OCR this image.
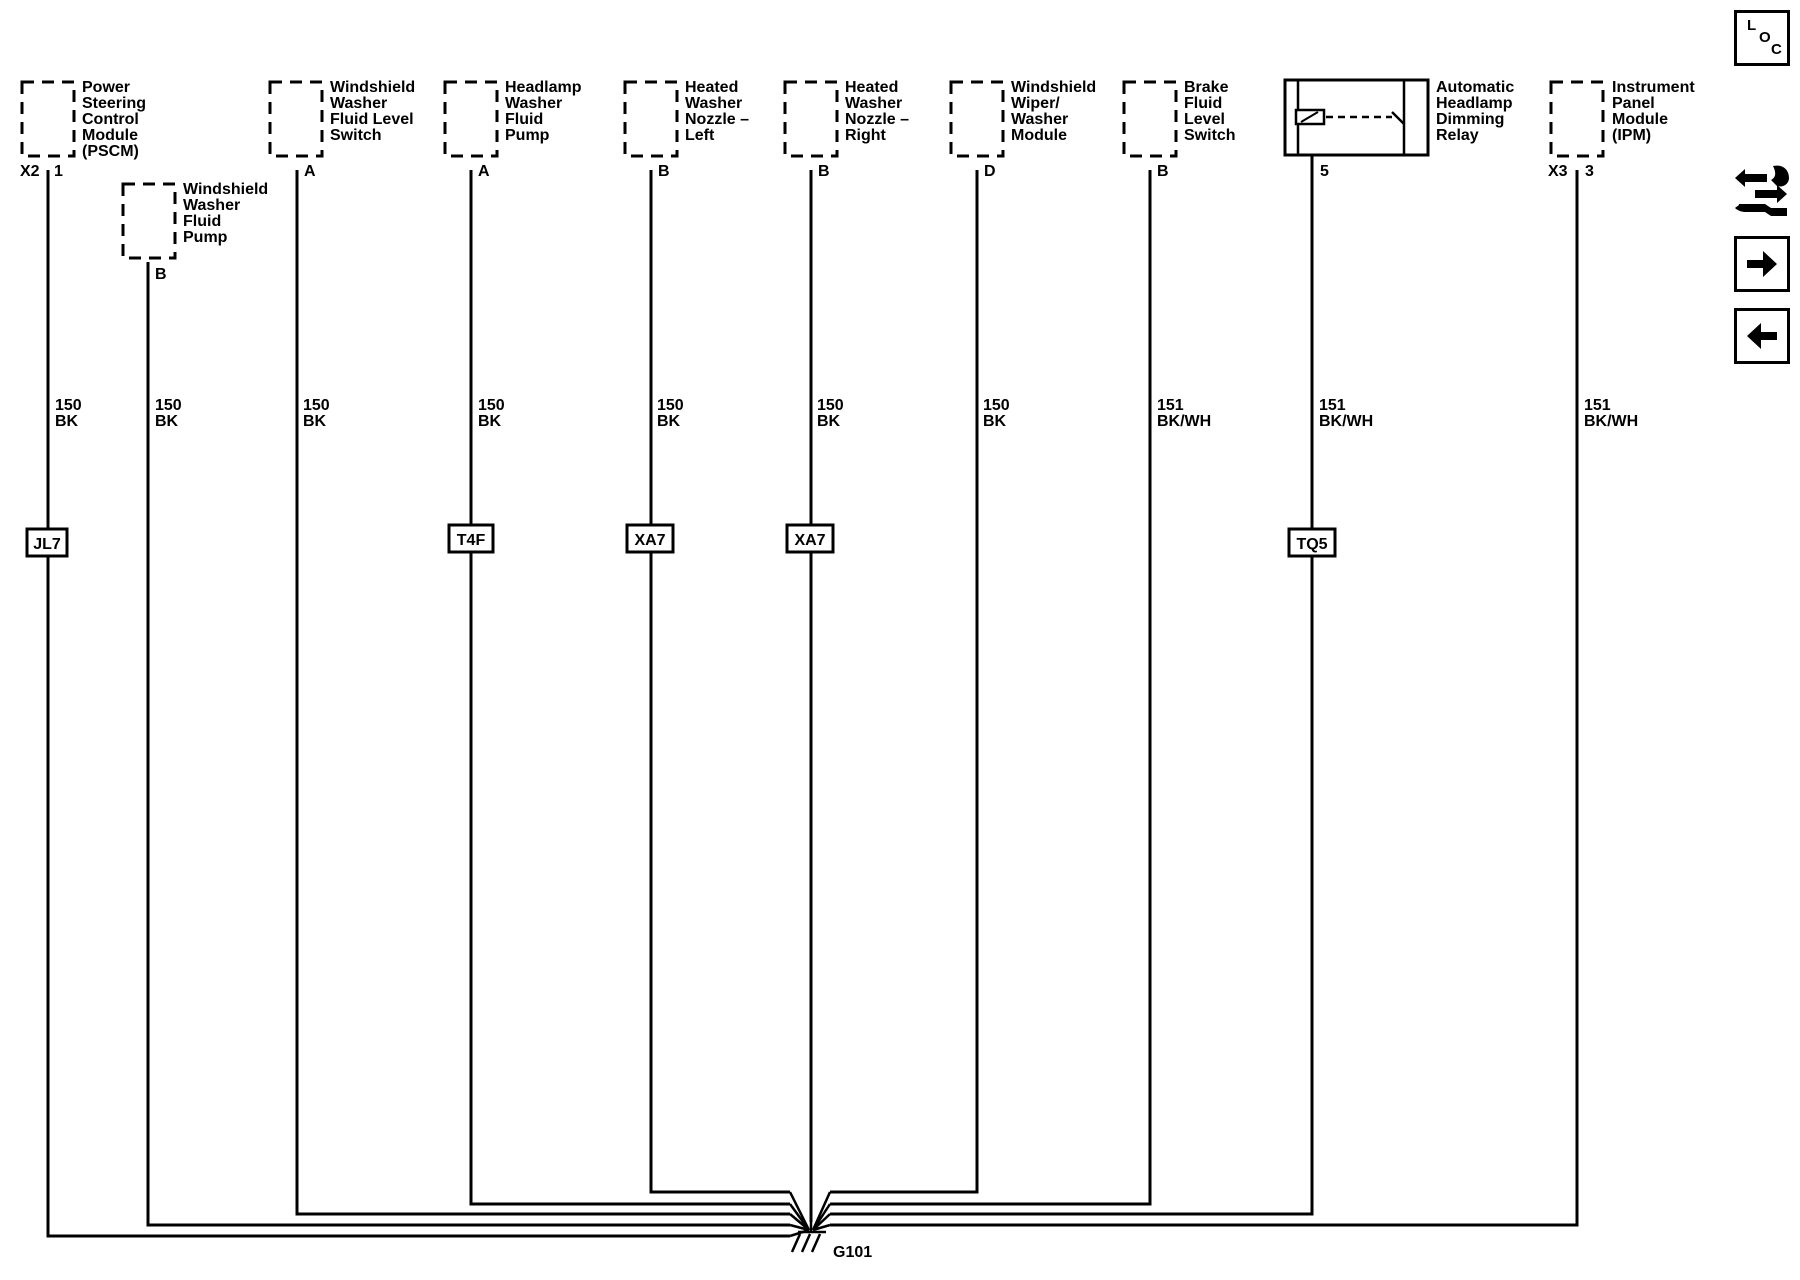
G101
Power Steering Control Module (PSCM)
X2 1
Windshield Washer Fluid Pump
B
Windshield Washer Fluid Level Switch
A
Headlamp Washer Fluid Pump
A
Heated Washer Nozzle – Left
B
Heated Washer Nozzle – Right
B
Windshield Wiper/ Washer Module
D
Brake Fluid Level Switch
B
Automatic Headlamp Dimming Relay
5
Instrument Panel Module (IPM)
X3 3
150
BK
150
BK
150
BK
150
BK
150
BK
150
BK
150
BK
151
BK/WH
151
BK/WH
151
BK/WH
JL7	T4F	XA7	XA7	TQ5
L
O
C
